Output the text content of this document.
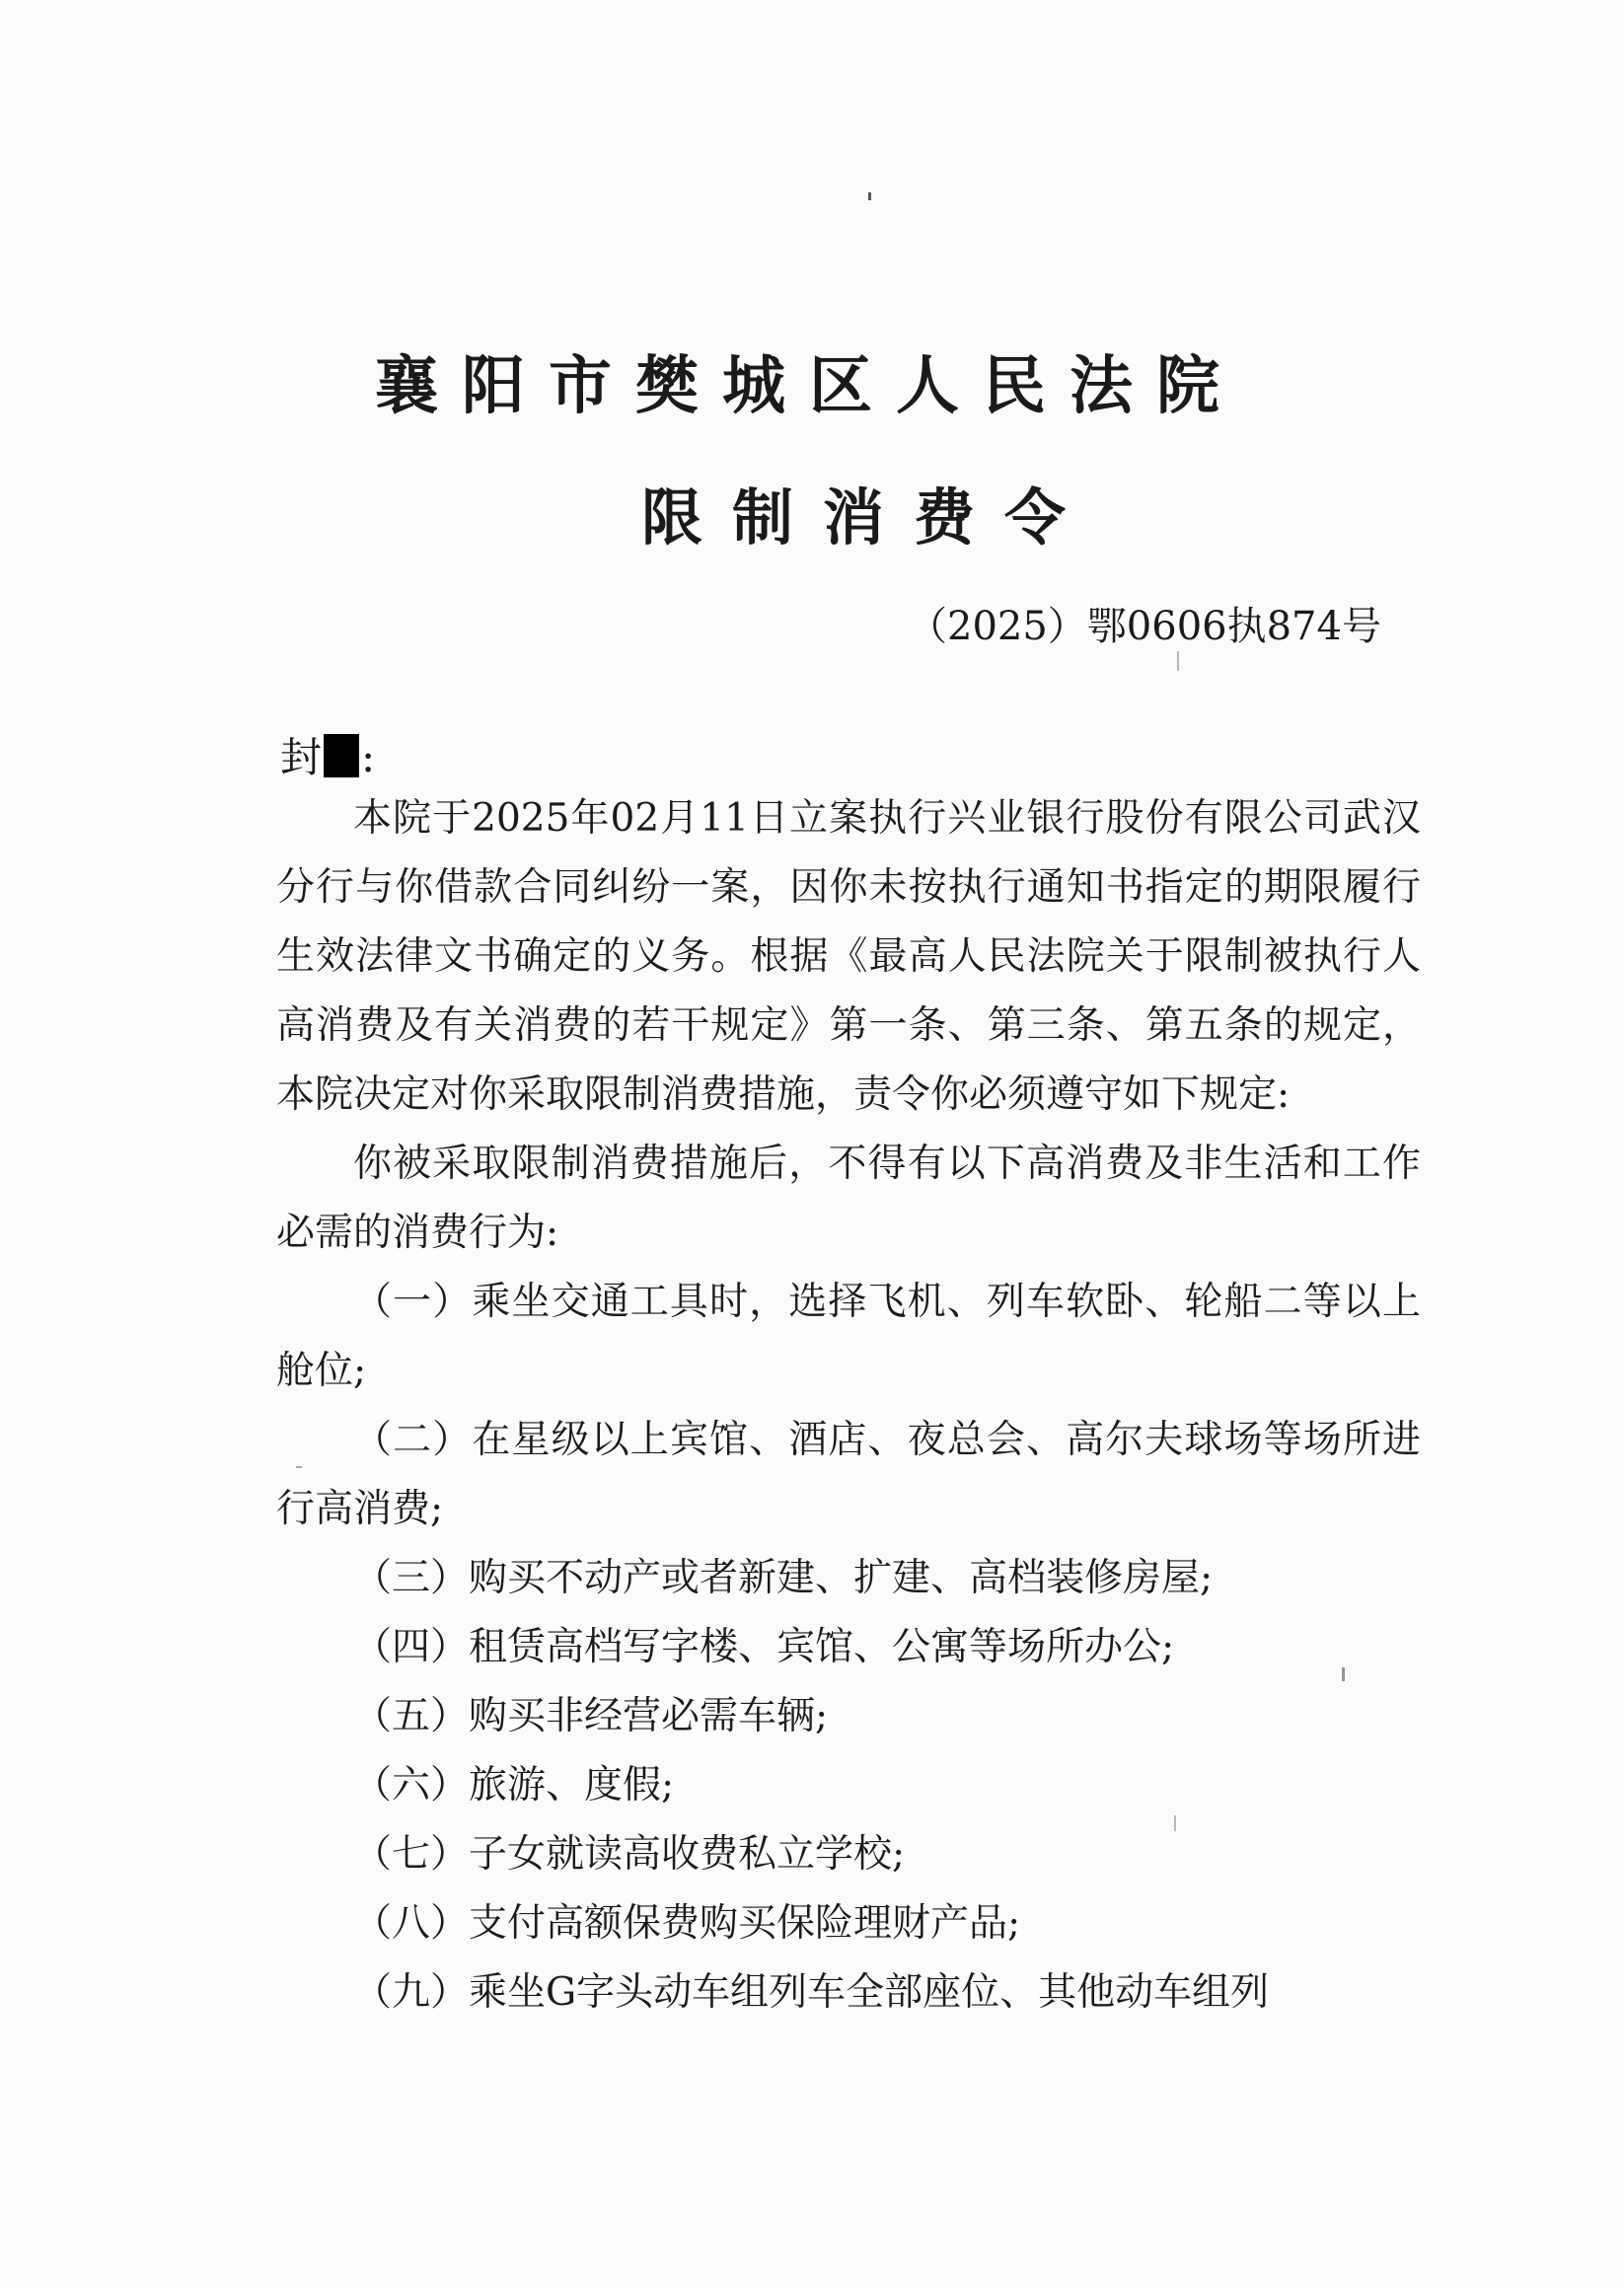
襄阳市樊城区人民法院
限制消费令
（2025）鄂0606执874号
封 :

本院于2025年02月11日立案执行兴业银行股份有限公司武汉分行与你借款合同纠纷一案，因你未按执行通知书指定的期限履行生效法律文书确定的义务。根据《最高人民法院关于限制被执行人高消费及有关消费的若干规定》第一条、第三条、第五条的规定，本院决定对你采取限制消费措施，责令你必须遵守如下规定:

你被采取限制消费措施后，不得有以下高消费及非生活和工作必需的消费行为:

（一）乘坐交通工具时，选择飞机、列车软卧、轮船二等以上舱位;

（二）在星级以上宾馆、酒店、夜总会、高尔夫球场等场所进行高消费;

（三）购买不动产或者新建、扩建、高档装修房屋;

（四）租赁高档写字楼、宾馆、公寓等场所办公;

（五）购买非经营必需车辆;

（六）旅游、度假;

（七）子女就读高收费私立学校;

（八）支付高额保费购买保险理财产品;

（九）乘坐G字头动车组列车全部座位、其他动车组列
